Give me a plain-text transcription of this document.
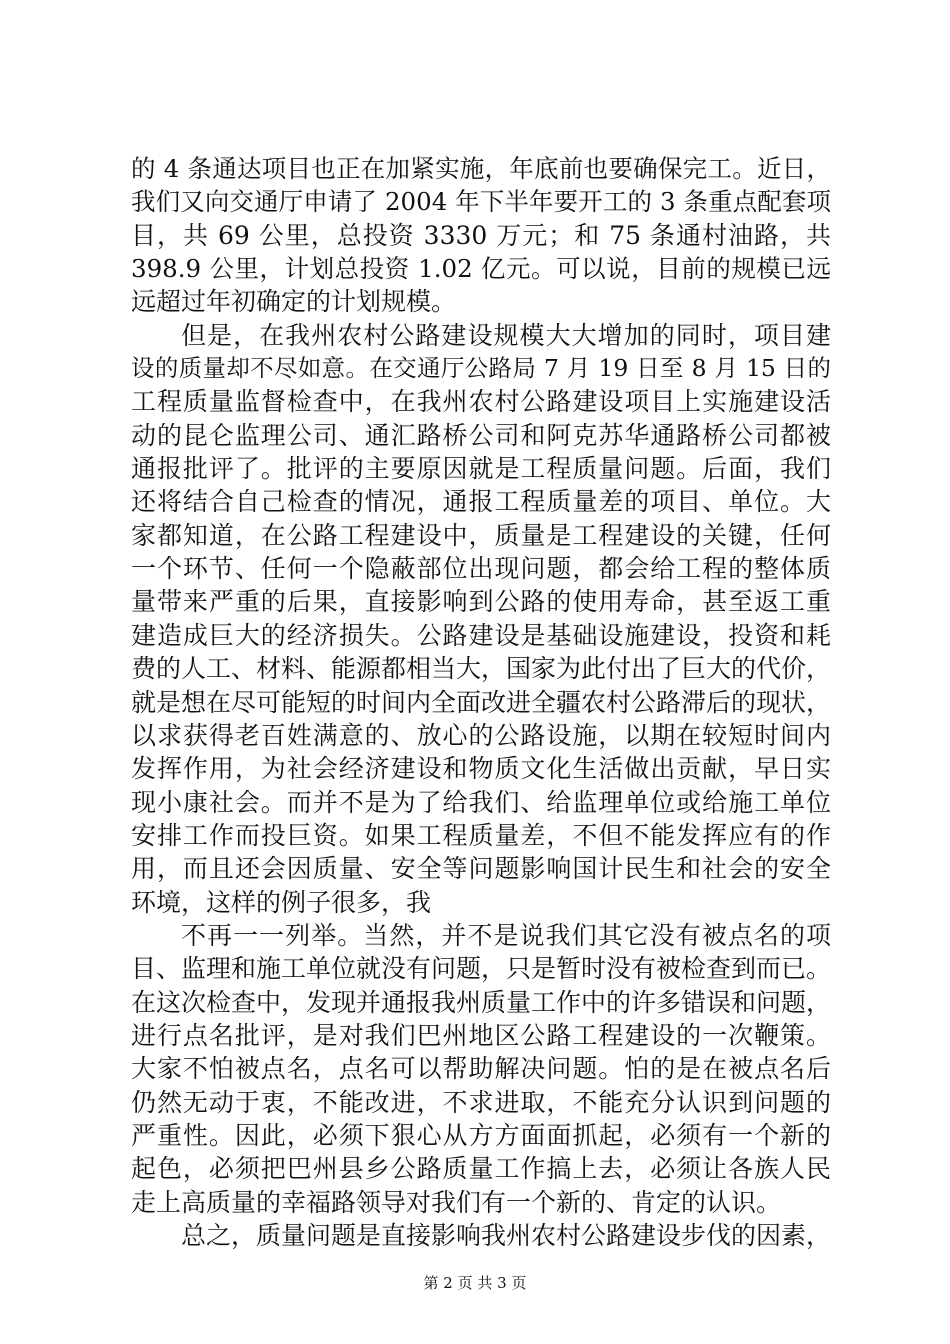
的 4 条通达项目也正在加紧实施，年底前也要确保完工。近日，
我们又向交通厅申请了 2004 年下半年要开工的 3 条重点配套项
目，共 69 公里，总投资 3330 万元；和 75 条通村油路，共
398.9 公里，计划总投资 1.02 亿元。可以说，目前的规模已远
远超过年初确定的计划规模。
但是，在我州农村公路建设规模大大增加的同时，项目建
设的质量却不尽如意。在交通厅公路局 7 月 19 日至 8 月 15 日的
工程质量监督检查中，在我州农村公路建设项目上实施建设活
动的昆仑监理公司、通汇路桥公司和阿克苏华通路桥公司都被
通报批评了。批评的主要原因就是工程质量问题。后面，我们
还将结合自己检查的情况，通报工程质量差的项目、单位。大
家都知道，在公路工程建设中，质量是工程建设的关键，任何
一个环节、任何一个隐蔽部位出现问题，都会给工程的整体质
量带来严重的后果，直接影响到公路的使用寿命，甚至返工重
建造成巨大的经济损失。公路建设是基础设施建设，投资和耗
费的人工、材料、能源都相当大，国家为此付出了巨大的代价，
就是想在尽可能短的时间内全面改进全疆农村公路滞后的现状，
以求获得老百姓满意的、放心的公路设施，以期在较短时间内
发挥作用，为社会经济建设和物质文化生活做出贡献，早日实
现小康社会。而并不是为了给我们、给监理单位或给施工单位
安排工作而投巨资。如果工程质量差，不但不能发挥应有的作
用，而且还会因质量、安全等问题影响国计民生和社会的安全
环境，这样的例子很多，我
不再一一列举。当然，并不是说我们其它没有被点名的项
目、监理和施工单位就没有问题，只是暂时没有被检查到而已。
在这次检查中，发现并通报我州质量工作中的许多错误和问题，
进行点名批评，是对我们巴州地区公路工程建设的一次鞭策。
大家不怕被点名，点名可以帮助解决问题。怕的是在被点名后
仍然无动于衷，不能改进，不求进取，不能充分认识到问题的
严重性。因此，必须下狠心从方方面面抓起，必须有一个新的
起色，必须把巴州县乡公路质量工作搞上去，必须让各族人民
走上高质量的幸福路领导对我们有一个新的、肯定的认识。
总之，质量问题是直接影响我州农村公路建设步伐的因素，
第 2 页 共 3 页
